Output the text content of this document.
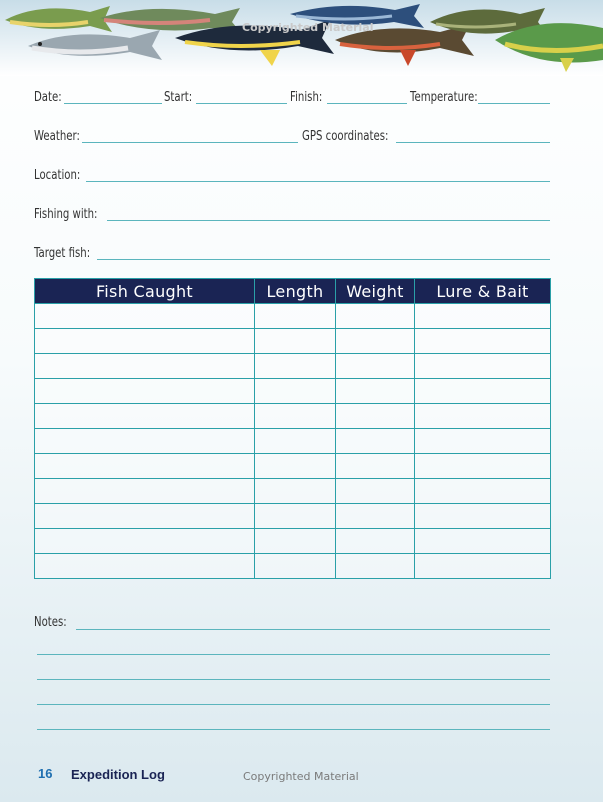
Copyrighted Material
Date:	Start:	Finish:	Temperature:
Weather:	GPS coordinates:
Location:
Fishing with:
Target fish:
Fish Caught	Length	Weight	Lure & Bait

Notes:
16 Expedition Log	Copyrighted Material
